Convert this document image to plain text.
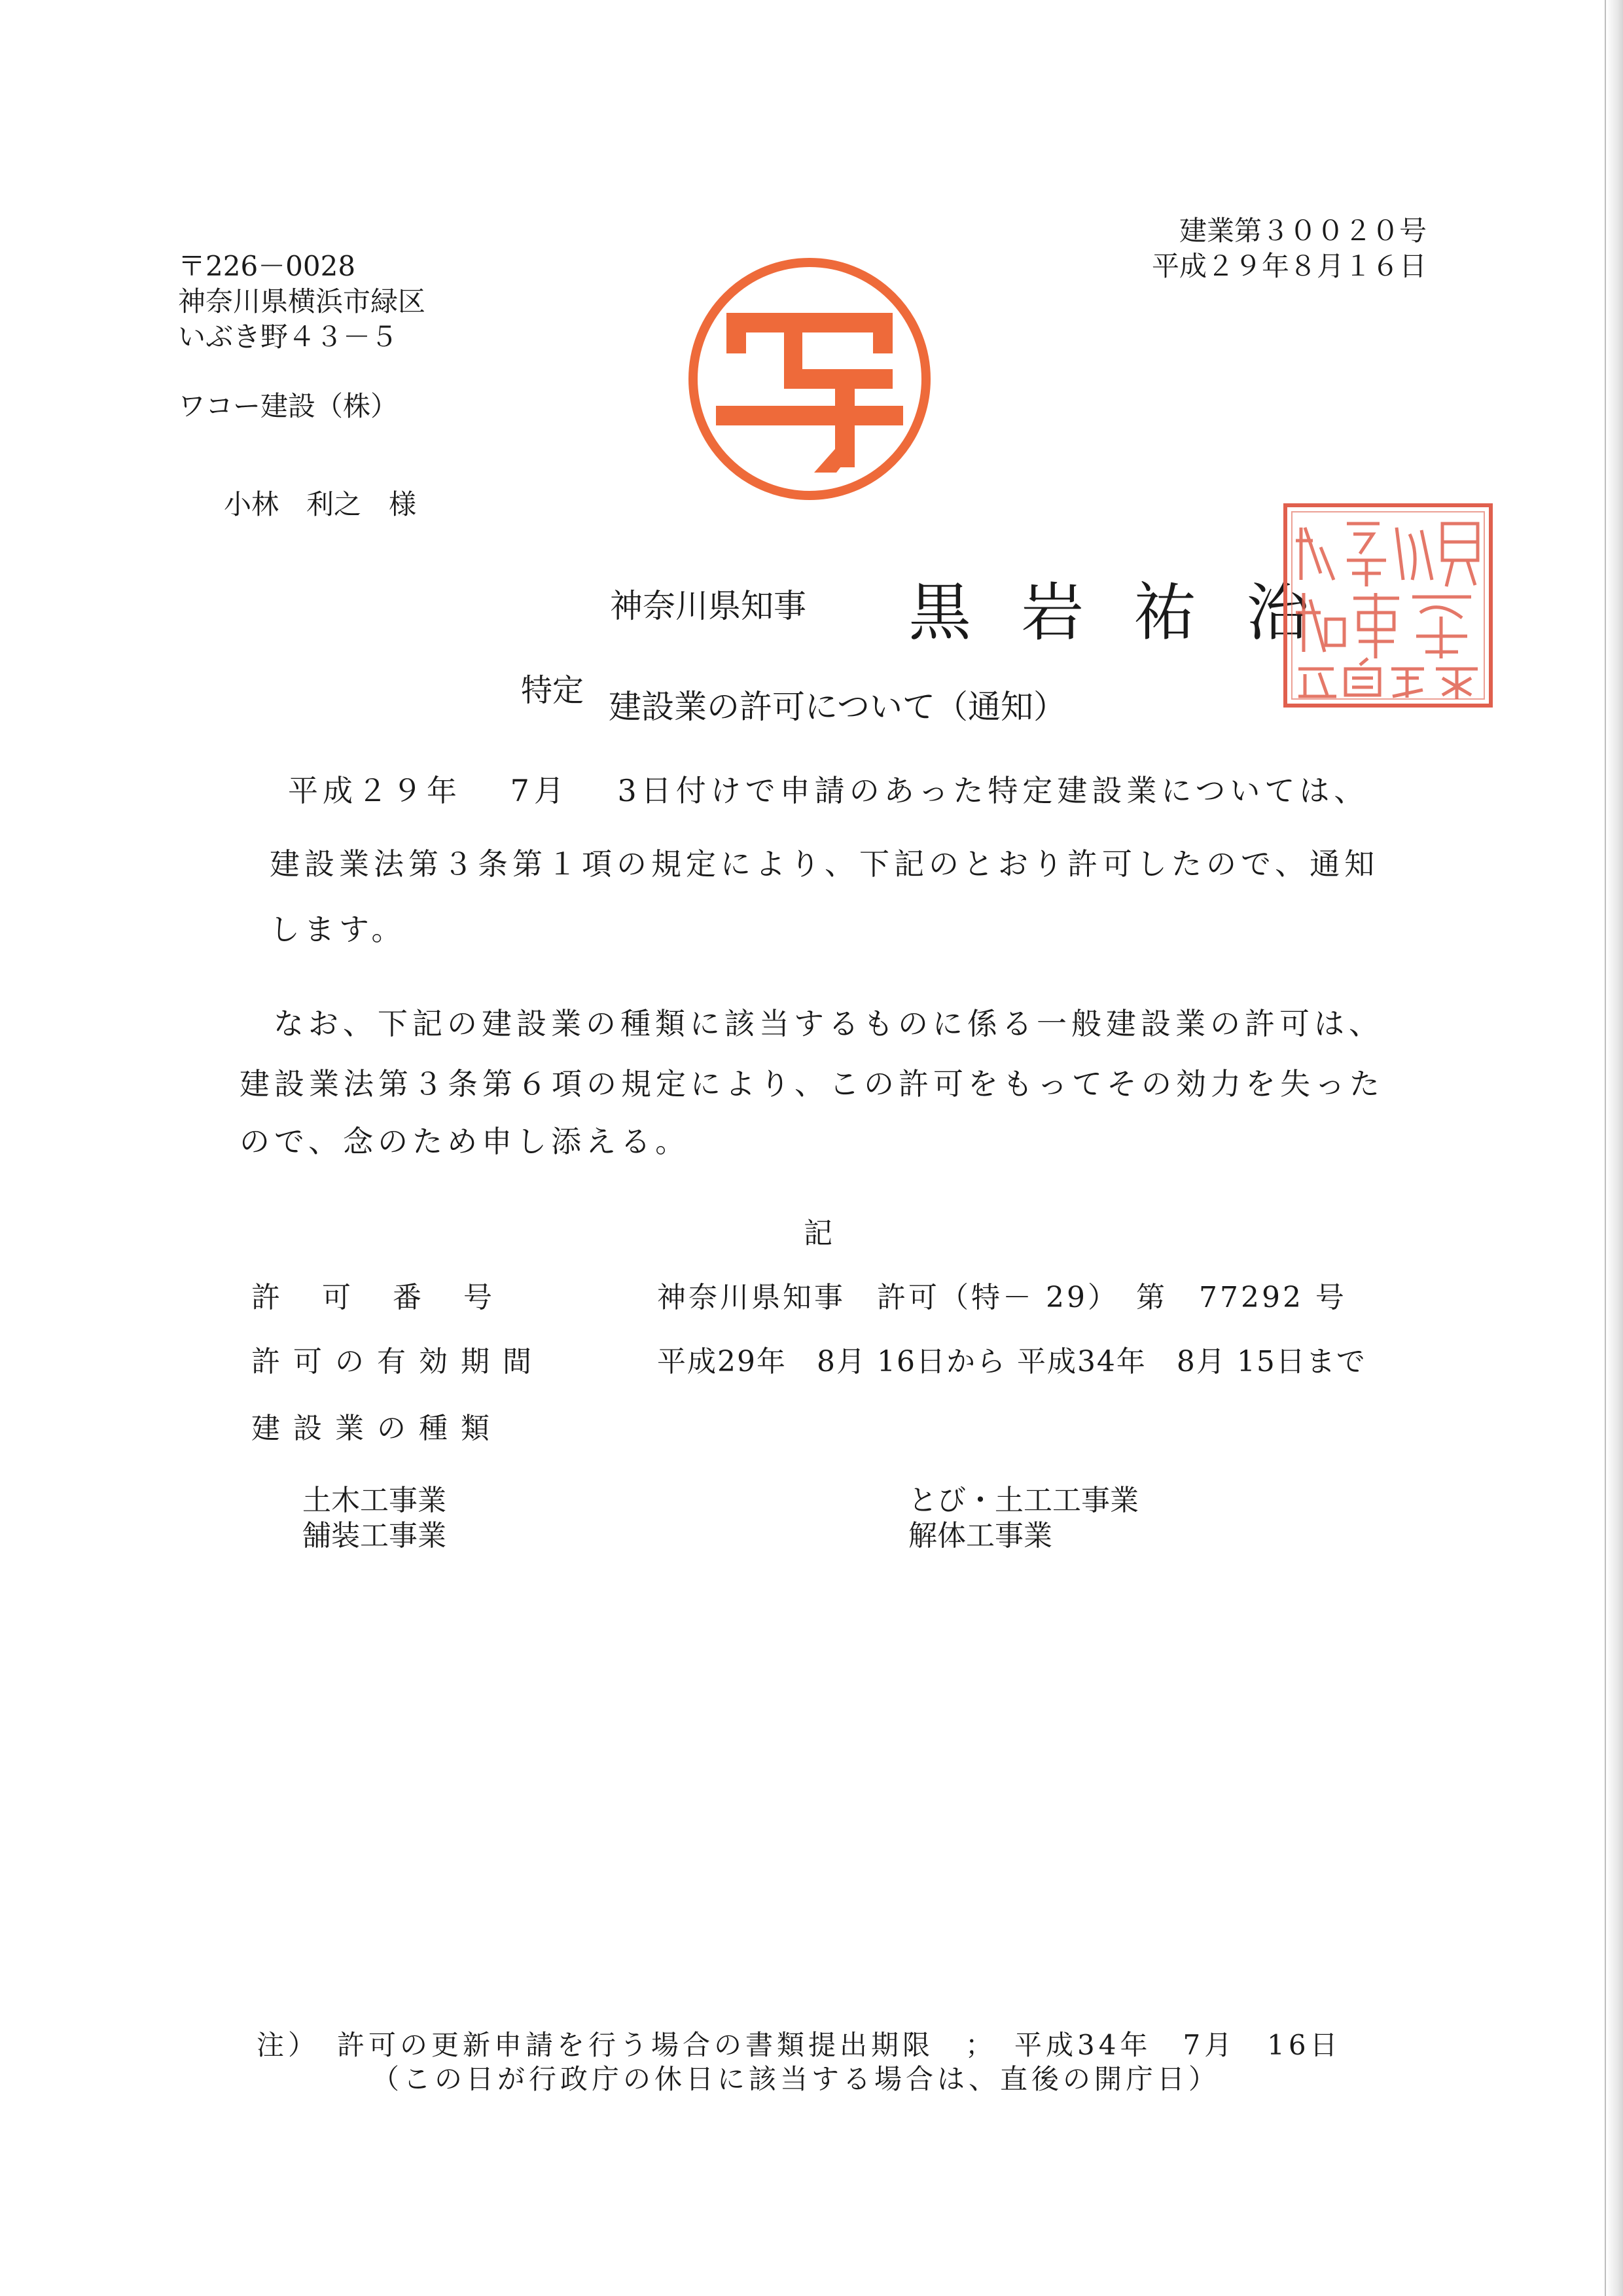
〒226－0028
神奈川県横浜市緑区
いぶき野４３－５
ワコー建設（株）
小林　利之　様
建業第３００２０号
平成２９年８月１６日
神奈川県知事 黒岩祐治
特定 建設業の許可について（通知）
平成２９年　 7月　 3日付けで申請のあった特定建設業については、
建設業法第３条第１項の規定により、下記のとおり許可したので、通知
します。
なお、下記の建設業の種類に該当するものに係る一般建設業の許可は、
建設業法第３条第６項の規定により、この許可をもってその効力を失った
ので、念のため申し添える。
記
許可番号	神奈川県知事　許可（特－ 29）　第　77292 号
許可の有効期間	平成29年　8月 16日から 平成34年　8月 15日まで
建設業の種類
土木工事業
舗装工事業
とび・土工工事業
解体工事業
注）　許可の更新申請を行う場合の書類提出期限　；　平成34年　7月　16日
（この日が行政庁の休日に該当する場合は、直後の開庁日）
